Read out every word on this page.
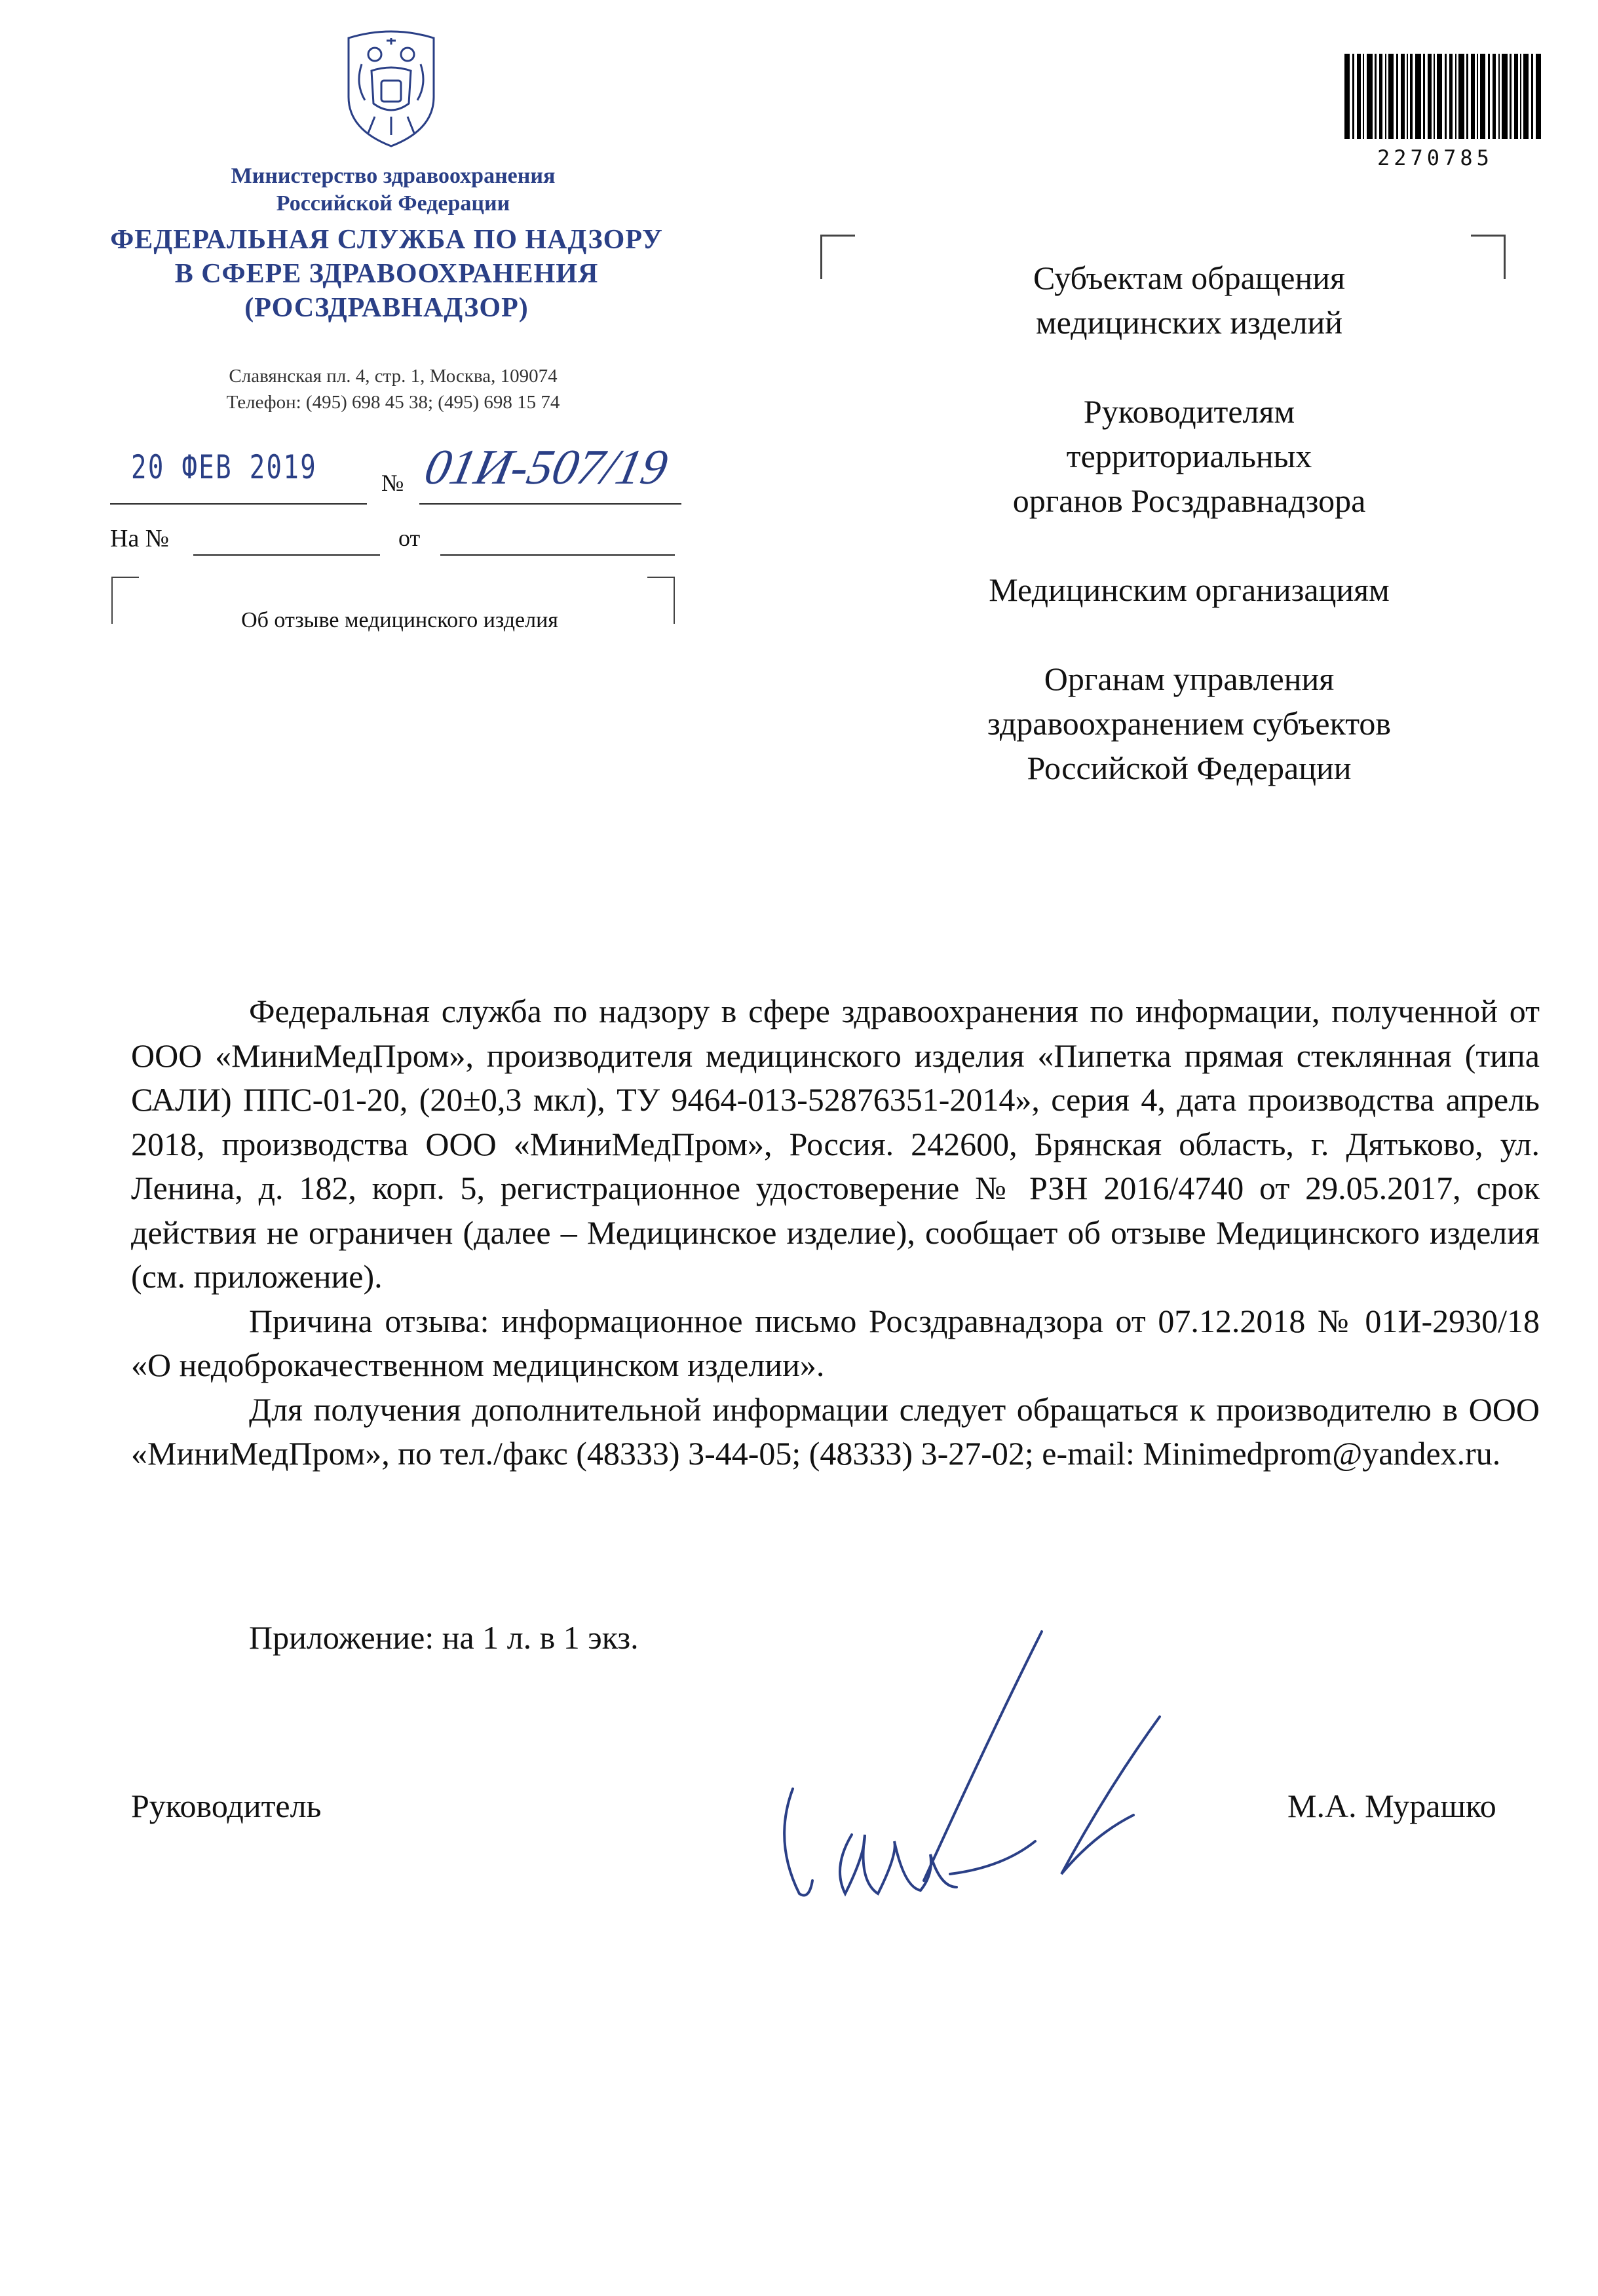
2270785
Министерство здравоохранения
Российской Федерации
ФЕДЕРАЛЬНАЯ СЛУЖБА ПО НАДЗОРУ
В СФЕРЕ ЗДРАВООХРАНЕНИЯ
(РОСЗДРАВНАДЗОР)
Славянская пл. 4, стр. 1, Москва, 109074
Телефон: (495) 698 45 38; (495) 698 15 74
20 ФЕВ 2019	№ 01И-507/19
На №	от
Об отзыве медицинского изделия

Субъектам обращения
медицинских изделий

Руководителям
территориальных
органов Росздравнадзора

Медицинским организациям

Органам управления
здравоохранением субъектов
Российской Федерации

Федеральная служба по надзору в сфере здравоохранения по информации, полученной от ООО «МиниМедПром», производителя медицинского изделия «Пипетка прямая стеклянная (типа САЛИ) ППС-01-20, (20±0,3 мкл), ТУ 9464-013-52876351-2014», серия 4, дата производства апрель 2018, производства ООО «МиниМедПром», Россия. 242600, Брянская область, г. Дятьково, ул. Ленина, д. 182, корп. 5, регистрационное удостоверение № РЗН 2016/4740 от 29.05.2017, срок действия не ограничен (далее – Медицинское изделие), сообщает об отзыве Медицинского изделия (см. приложение).

Причина отзыва: информационное письмо Росздравнадзора от 07.12.2018 № 01И-2930/18 «О недоброкачественном медицинском изделии».

Для получения дополнительной информации следует обращаться к производителю в ООО «МиниМедПром», по тел./факс (48333) 3-44-05; (48333) 3-27-02; e-mail: Minimedprom@yandex.ru.

Приложение: на 1 л. в 1 экз.
Руководитель	М.А. Мурашко
